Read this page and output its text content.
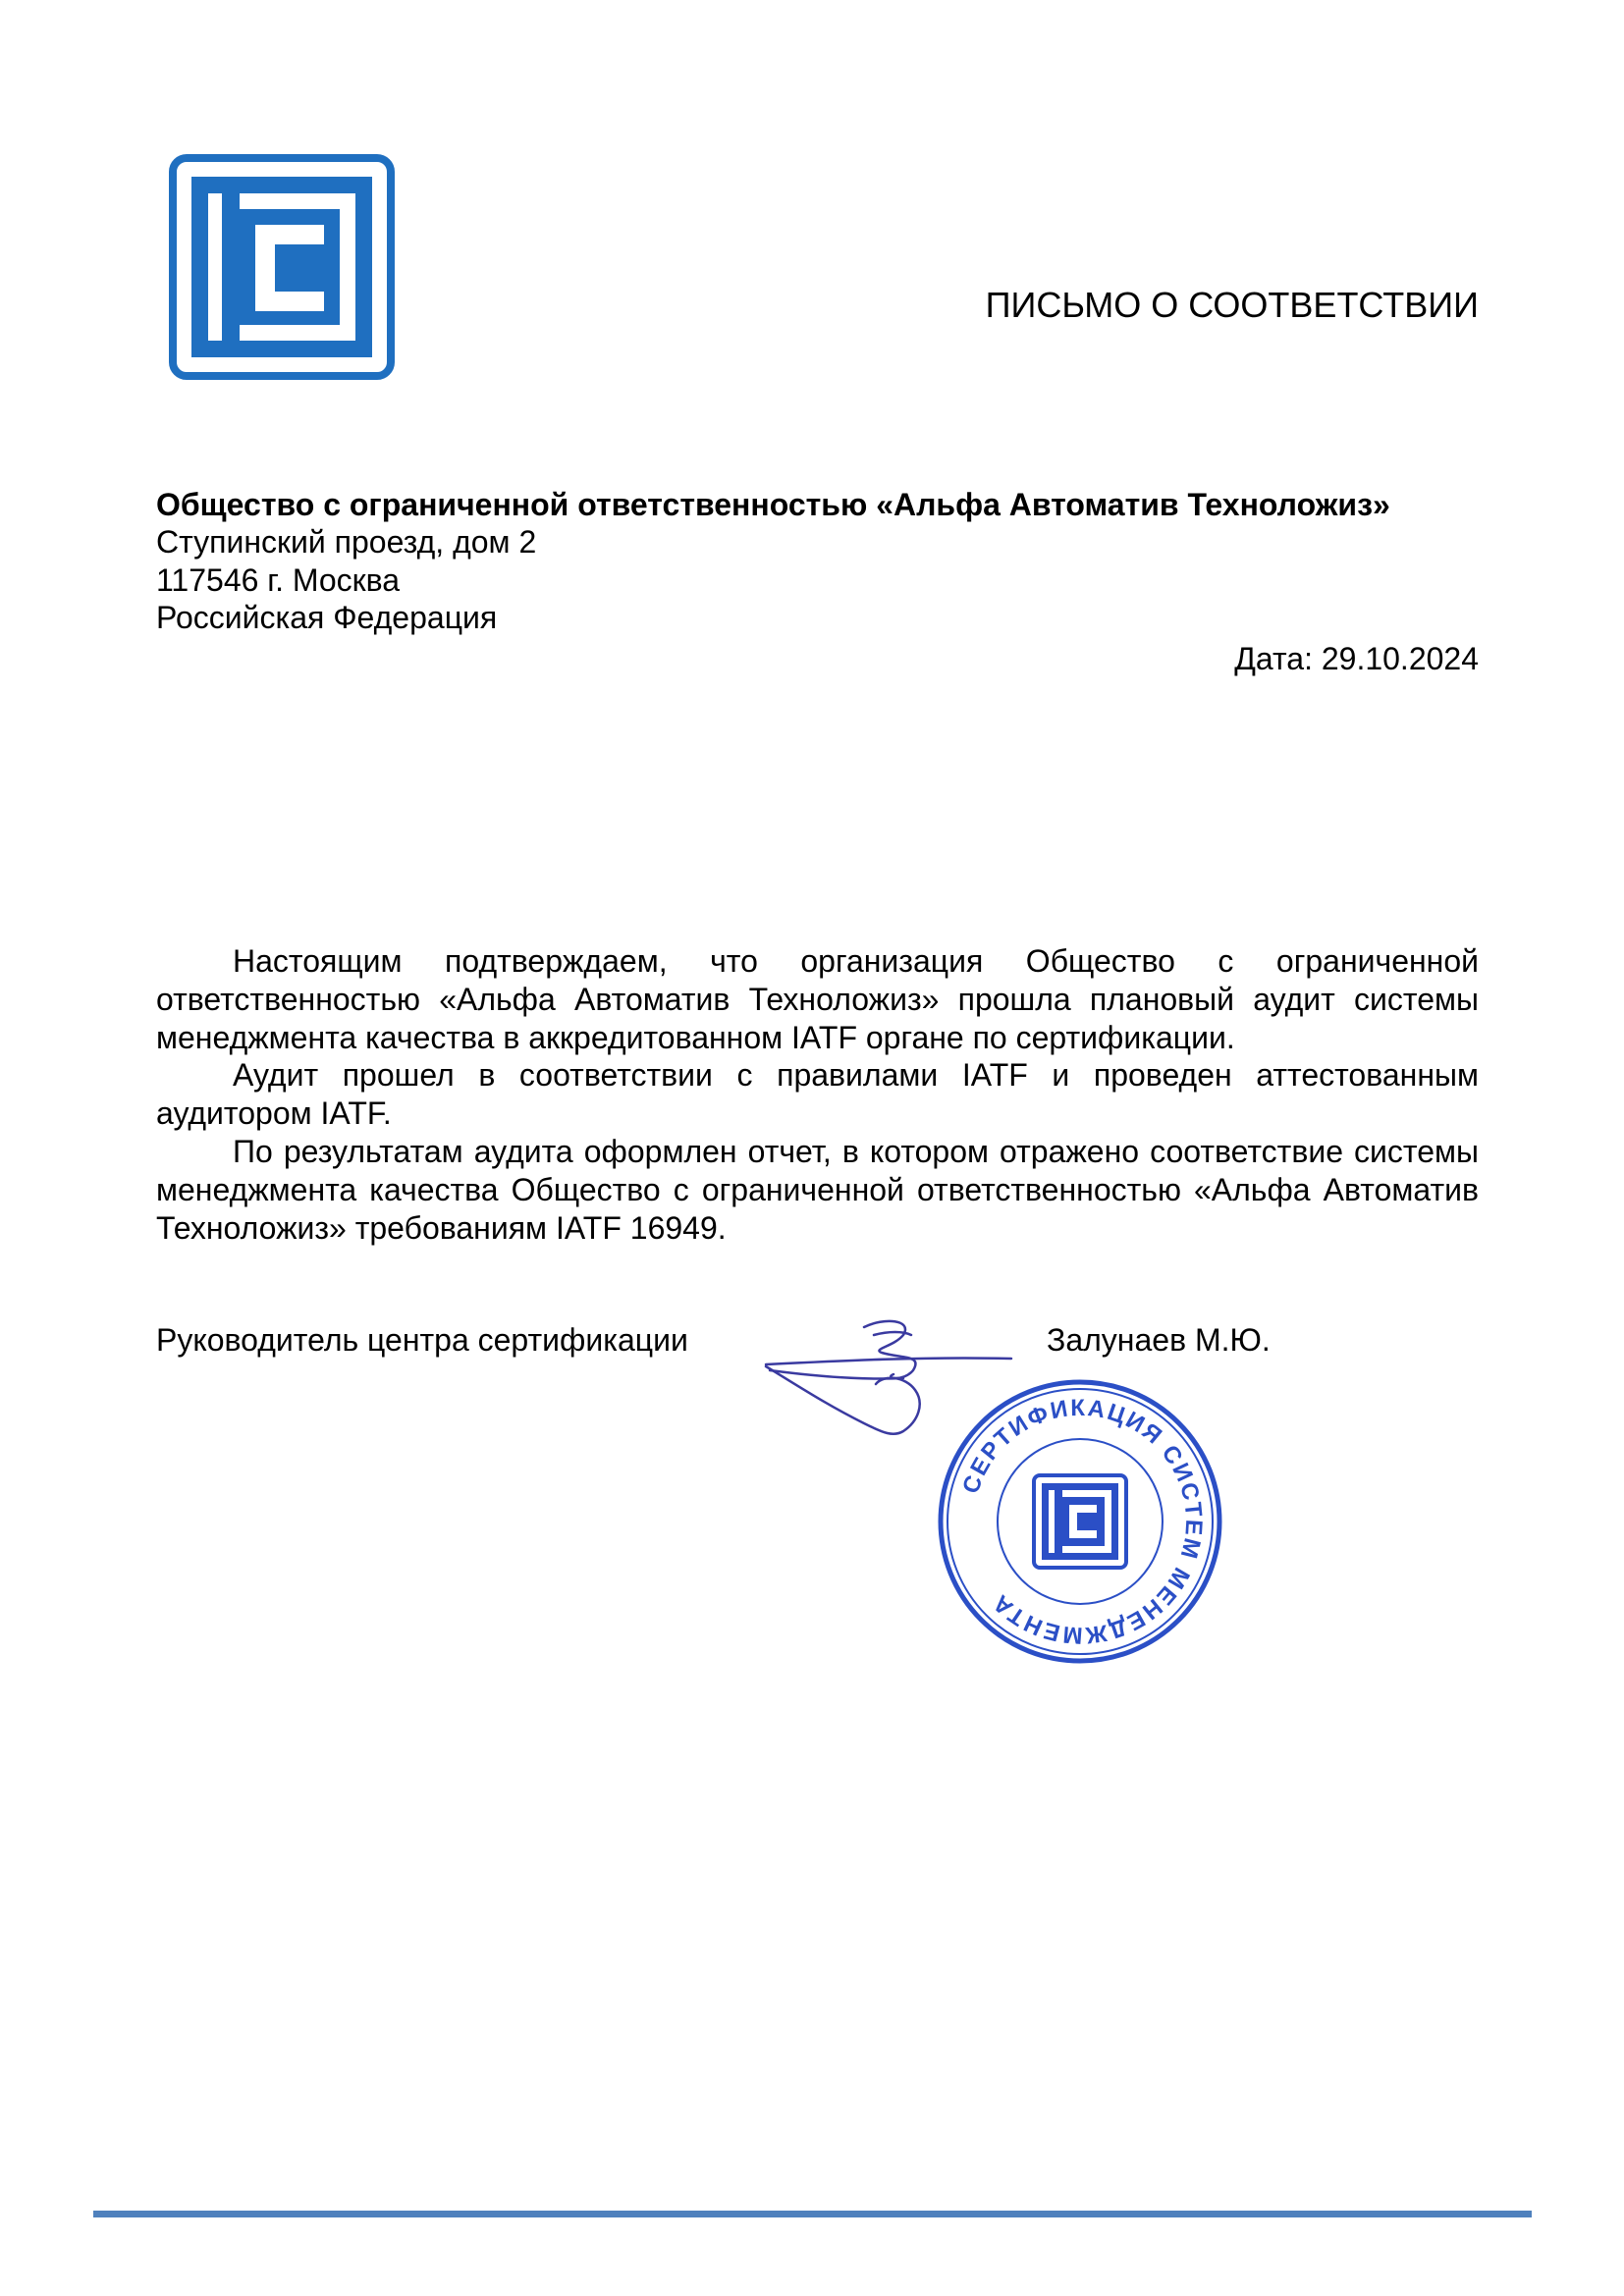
ПИСЬМО О СООТВЕТСТВИИ
Общество с ограниченной ответственностью «Альфа Автоматив Техноложиз»
Ступинский проезд, дом 2
117546 г. Москва
Российская Федерация
Дата: 29.10.2024

Настоящим подтверждаем, что организация Общество с ограниченной ответственностью «Альфа Автоматив Техноложиз» прошла плановый аудит системы менеджмента качества в аккредитованном IATF органе по сертификации.

Аудит прошел в соответствии с правилами IATF и проведен аттестованным аудитором IATF.

По результатам аудита оформлен отчет, в котором отражено соответствие системы менеджмента качества Общество с ограниченной ответственностью «Альфа Автоматив Техноложиз» требованиям IATF 16949.

Руководитель центра сертификации	Залунаев М.Ю.
СЕРТИФИКАЦИЯ СИСТЕМ МЕНЕДЖМЕНТА
